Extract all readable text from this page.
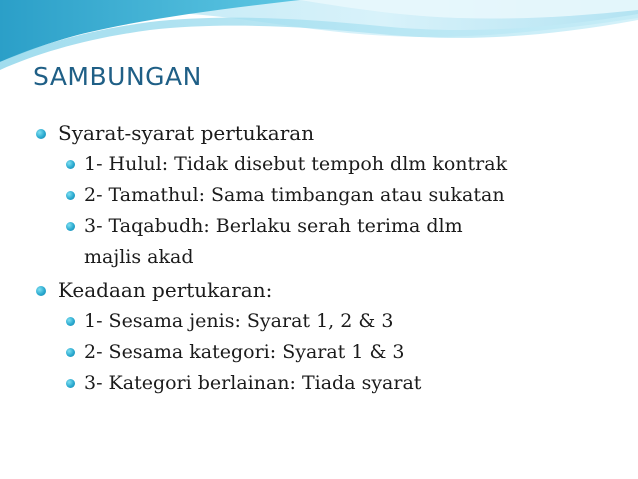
SAMBUNGAN
Syarat-syarat pertukaran
1- Hulul: Tidak disebut tempoh dlm kontrak
2- Tamathul: Sama timbangan atau sukatan
3- Taqabudh: Berlaku serah terima dlm majlis akad
Keadaan pertukaran:
1- Sesama jenis: Syarat 1, 2 & 3
2- Sesama kategori: Syarat 1 & 3
3- Kategori berlainan: Tiada syarat
